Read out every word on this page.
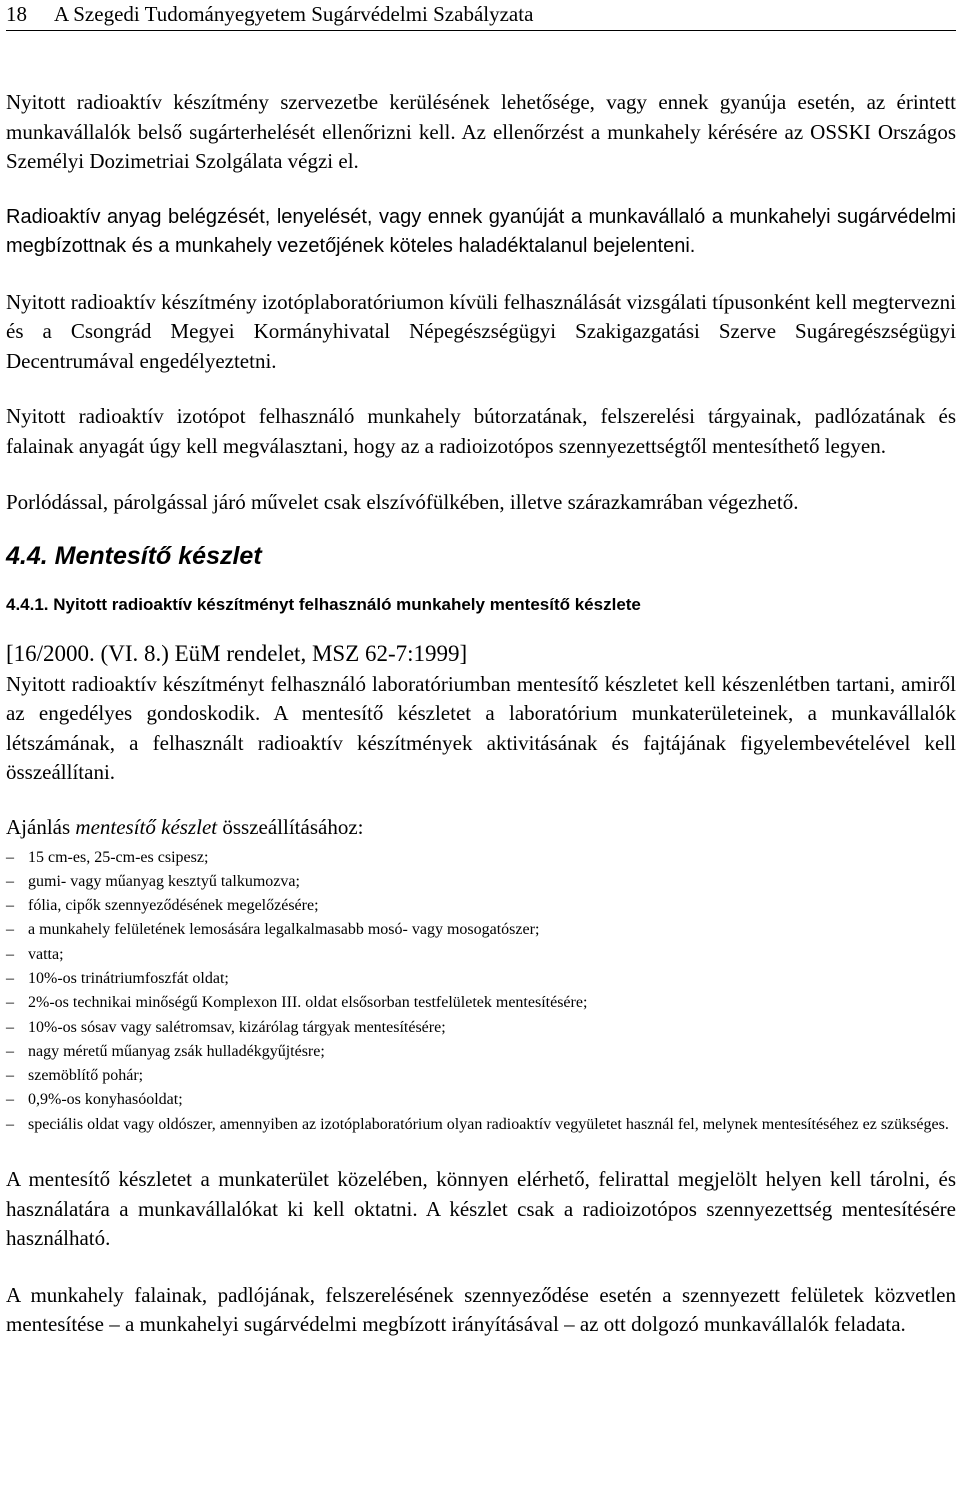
18 A Szegedi Tudományegyetem Sugárvédelmi Szabályzata

Nyitott radioaktív készítmény szervezetbe kerülésének lehetősége, vagy ennek gyanúja esetén, az érintett munkavállalók belső sugárterhelését ellenőrizni kell. Az ellenőrzést a munkahely kérésére az OSSKI Országos Személyi Dozimetriai Szolgálata végzi el.

Radioaktív anyag belégzését, lenyelését, vagy ennek gyanúját a munkavállaló a munkahelyi sugárvédelmi megbízottnak és a munkahely vezetőjének köteles haladéktalanul bejelenteni.

Nyitott radioaktív készítmény izotóplaboratóriumon kívüli felhasználását vizsgálati típusonként kell megtervezni és a Csongrád Megyei Kormányhivatal Népegészségügyi Szakigazgatási Szerve Sugáregészségügyi Decentrumával engedélyeztetni.

Nyitott radioaktív izotópot felhasználó munkahely bútorzatának, felszerelési tárgyainak, padlózatának és falainak anyagát úgy kell megválasztani, hogy az a radioizotópos szennyezettségtől mentesíthető legyen.

Porlódással, párolgással járó művelet csak elszívófülkében, illetve szárazkamrában végezhető.

4.4. Mentesítő készlet
4.4.1. Nyitott radioaktív készítményt felhasználó munkahely mentesítő készlete
[16/2000. (VI. 8.) EüM rendelet, MSZ 62-7:1999]

Nyitott radioaktív készítményt felhasználó laboratóriumban mentesítő készletet kell készenlétben tartani, amiről az engedélyes gondoskodik. A mentesítő készletet a laboratórium munkaterületeinek, a munkavállalók létszámának, a felhasznált radioaktív készítmények aktivitásának és fajtájának figyelembevételével kell összeállítani.

Ajánlás mentesítő készlet összeállításához:
– 15 cm-es, 25-cm-es csipesz;
– gumi- vagy műanyag kesztyű talkumozva;
– fólia, cipők szennyeződésének megelőzésére;
– a munkahely felületének lemosására legalkalmasabb mosó- vagy mosogatószer;
– vatta;
– 10%-os trinátriumfoszfát oldat;
– 2%-os technikai minőségű Komplexon III. oldat elsősorban testfelületek mentesítésére;
– 10%-os sósav vagy salétromsav, kizárólag tárgyak mentesítésére;
– nagy méretű műanyag zsák hulladékgyűjtésre;
– szemöblítő pohár;
– 0,9%-os konyhasóoldat;
– speciális oldat vagy oldószer, amennyiben az izotóplaboratórium olyan radioaktív vegyületet használ fel, melynek mentesítéséhez ez szükséges.

A mentesítő készletet a munkaterület közelében, könnyen elérhető, felirattal megjelölt helyen kell tárolni, és használatára a munkavállalókat ki kell oktatni. A készlet csak a radioizotópos szennyezettség mentesítésére használható.

A munkahely falainak, padlójának, felszerelésének szennyeződése esetén a szennyezett felületek közvetlen mentesítése – a munkahelyi sugárvédelmi megbízott irányításával – az ott dolgozó munkavállalók feladata.
